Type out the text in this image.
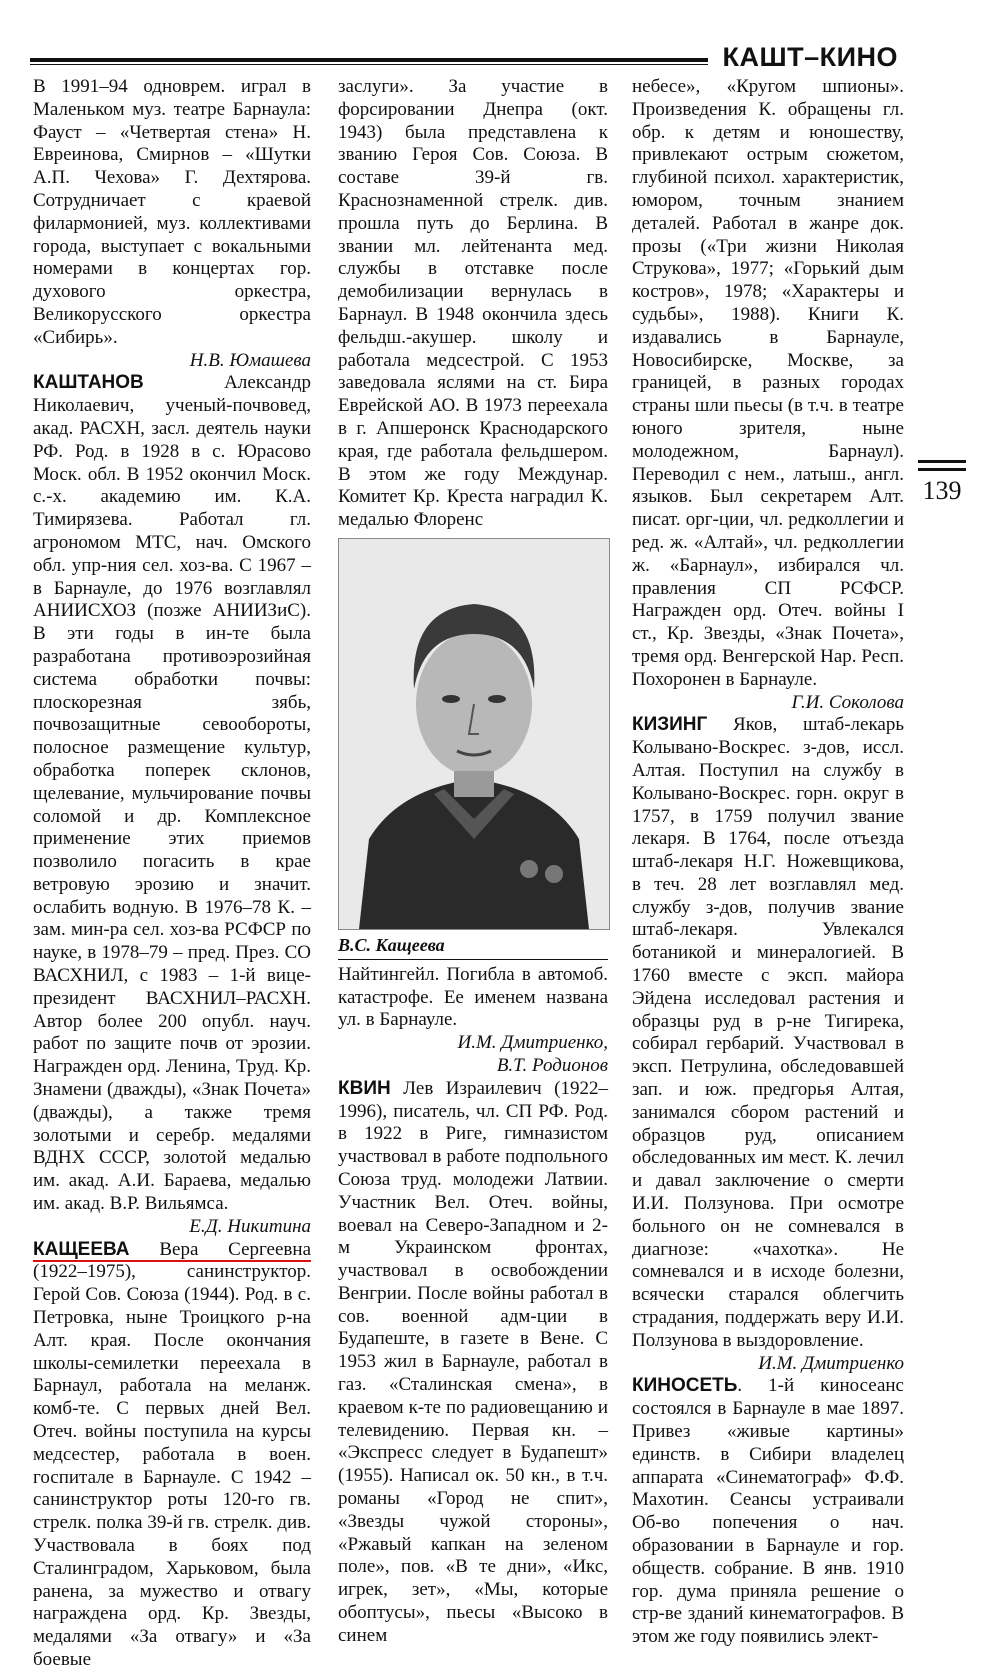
КАШТ–КИНО
139

В 1991–94 одноврем. играл в Маленьком муз. театре Барнаула: Фауст – «Четвертая стена» Н. Евреинова, Смирнов – «Шутки А.П. Чехова» Г. Дехтярова. Сотрудничает с краевой филармонией, муз. коллективами города, выступает с вокальными номерами в концертах гор. духового оркестра, Великорусского оркестра «Сибирь».

Н.В. Юмашева

КАШТАНОВ Александр Николаевич, ученый-почвовед, акад. РАСХН, засл. деятель науки РФ. Род. в 1928 в с. Юрасово Моск. обл. В 1952 окончил Моск. с.-х. академию им. К.А. Тимирязева. Работал гл. агрономом МТС, нач. Омского обл. упр-ния сел. хоз-ва. С 1967 – в Барнауле, до 1976 возглавлял АНИИСХОЗ (позже АНИИЗиС). В эти годы в ин-те была разработана противоэрозийная система обработки почвы: плоскорезная зябь, почвозащитные севообороты, полосное размещение культур, обработка поперек склонов, щелевание, мульчирование почвы соломой и др. Комплексное применение этих приемов позволило погасить в крае ветровую эрозию и значит. ослабить водную. В 1976–78 К. – зам. мин-ра сел. хоз-ва РСФСР по науке, в 1978–79 – пред. През. СО ВАСХНИЛ, с 1983 – 1-й вице-президент ВАСХНИЛ–РАСХН. Автор более 200 опубл. науч. работ по защите почв от эрозии. Награжден орд. Ленина, Труд. Кр. Знамени (дважды), «Знак Почета» (дважды), а также тремя золотыми и серебр. медалями ВДНХ СССР, золотой медалью им. акад. А.И. Бараева, медалью им. акад. В.Р. Вильямса.

Е.Д. Никитина

КАЩЕЕВА Вера Сергеевна (1922–1975), санинструктор. Герой Сов. Союза (1944). Род. в с. Петровка, ныне Троицкого р-на Алт. края. После окончания школы-семилетки переехала в Барнаул, работала на меланж. комб-те. С первых дней Вел. Отеч. войны поступила на курсы медсестер, работала в воен. госпитале в Барнауле. С 1942 – санинструктор роты 120-го гв. стрелк. полка 39-й гв. стрелк. див. Участвовала в боях под Сталинградом, Харьковом, была ранена, за мужество и отвагу награждена орд. Кр. Звезды, медалями «За отвагу» и «За боевые

заслуги». За участие в форсировании Днепра (окт. 1943) была представлена к званию Героя Сов. Союза. В составе 39-й гв. Краснознаменной стрелк. див. прошла путь до Берлина. В звании мл. лейтенанта мед. службы в отставке после демобилизации вернулась в Барнаул. В 1948 окончила здесь фельдш.-акушер. школу и работала медсестрой. С 1953 заведовала яслями на ст. Бира Еврейской АО. В 1973 переехала в г. Апшеронск Краснодарского края, где работала фельдшером. В этом же году Междунар. Комитет Кр. Креста наградил К. медалью Флоренс

В.С. Кащеева

Найтингейл. Погибла в автомоб. катастрофе. Ее именем названа ул. в Барнауле.

И.М. Дмитриенко,
В.Т. Родионов

КВИН Лев Израилевич (1922–1996), писатель, чл. СП РФ. Род. в 1922 в Риге, гимназистом участвовал в работе подпольного Союза труд. молодежи Латвии. Участник Вел. Отеч. войны, воевал на Северо-Западном и 2-м Украинском фронтах, участвовал в освобождении Венгрии. После войны работал в сов. военной адм-ции в Будапеште, в газете в Вене. С 1953 жил в Барнауле, работал в газ. «Сталинская смена», в краевом к-те по радиовещанию и телевидению. Первая кн. – «Экспресс следует в Будапешт» (1955). Написал ок. 50 кн., в т.ч. романы «Город не спит», «Звезды чужой стороны», «Ржавый капкан на зеленом поле», пов. «В те дни», «Икс, игрек, зет», «Мы, которые обоптусы», пьесы «Высоко в синем

небесе», «Кругом шпионы». Произведения К. обращены гл. обр. к детям и юношеству, привлекают острым сюжетом, глубиной психол. характеристик, юмором, точным знанием деталей. Работал в жанре док. прозы («Три жизни Николая Струкова», 1977; «Горький дым костров», 1978; «Характеры и судьбы», 1988). Книги К. издавались в Барнауле, Новосибирске, Москве, за границей, в разных городах страны шли пьесы (в т.ч. в театре юного зрителя, ныне молодежном, Барнаул). Переводил с нем., латыш., англ. языков. Был секретарем Алт. писат. орг-ции, чл. редколлегии и ред. ж. «Алтай», чл. редколлегии ж. «Барнаул», избирался чл. правления СП РСФСР. Награжден орд. Отеч. войны I ст., Кр. Звезды, «Знак Почета», тремя орд. Венгерской Нар. Респ. Похоронен в Барнауле.

Г.И. Соколова

КИЗИНГ Яков, штаб-лекарь Колывано-Воскрес. з-дов, иссл. Алтая. Поступил на службу в Колывано-Воскрес. горн. округ в 1757, в 1759 получил звание лекаря. В 1764, после отъезда штаб-лекаря Н.Г. Ножевщикова, в теч. 28 лет возглавлял мед. службу з-дов, получив звание штаб-лекаря. Увлекался ботаникой и минералогией. В 1760 вместе с эксп. майора Эйдена исследовал растения и образцы руд в р-не Тигирека, собирал гербарий. Участвовал в эксп. Петрулина, обследовавшей зап. и юж. предгорья Алтая, занимался сбором растений и образцов руд, описанием обследованных им мест. К. лечил и давал заключение о смерти И.И. Ползунова. При осмотре больного он не сомневался в диагнозе: «чахотка». Не сомневался и в исходе болезни, всячески старался облегчить страдания, поддержать веру И.И. Ползунова в выздоровление.

И.М. Дмитриенко

КИНОСЕТЬ. 1-й киносеанс состоялся в Барнауле в мае 1897. Привез «живые картины» единств. в Сибири владелец аппарата «Синематограф» Ф.Ф. Махотин. Сеансы устраивали Об-во попечения о нач. образовании в Барнауле и гор. обществ. собрание. В янв. 1910 гор. дума приняла решение о стр-ве зданий кинематографов. В этом же году появились элект-
